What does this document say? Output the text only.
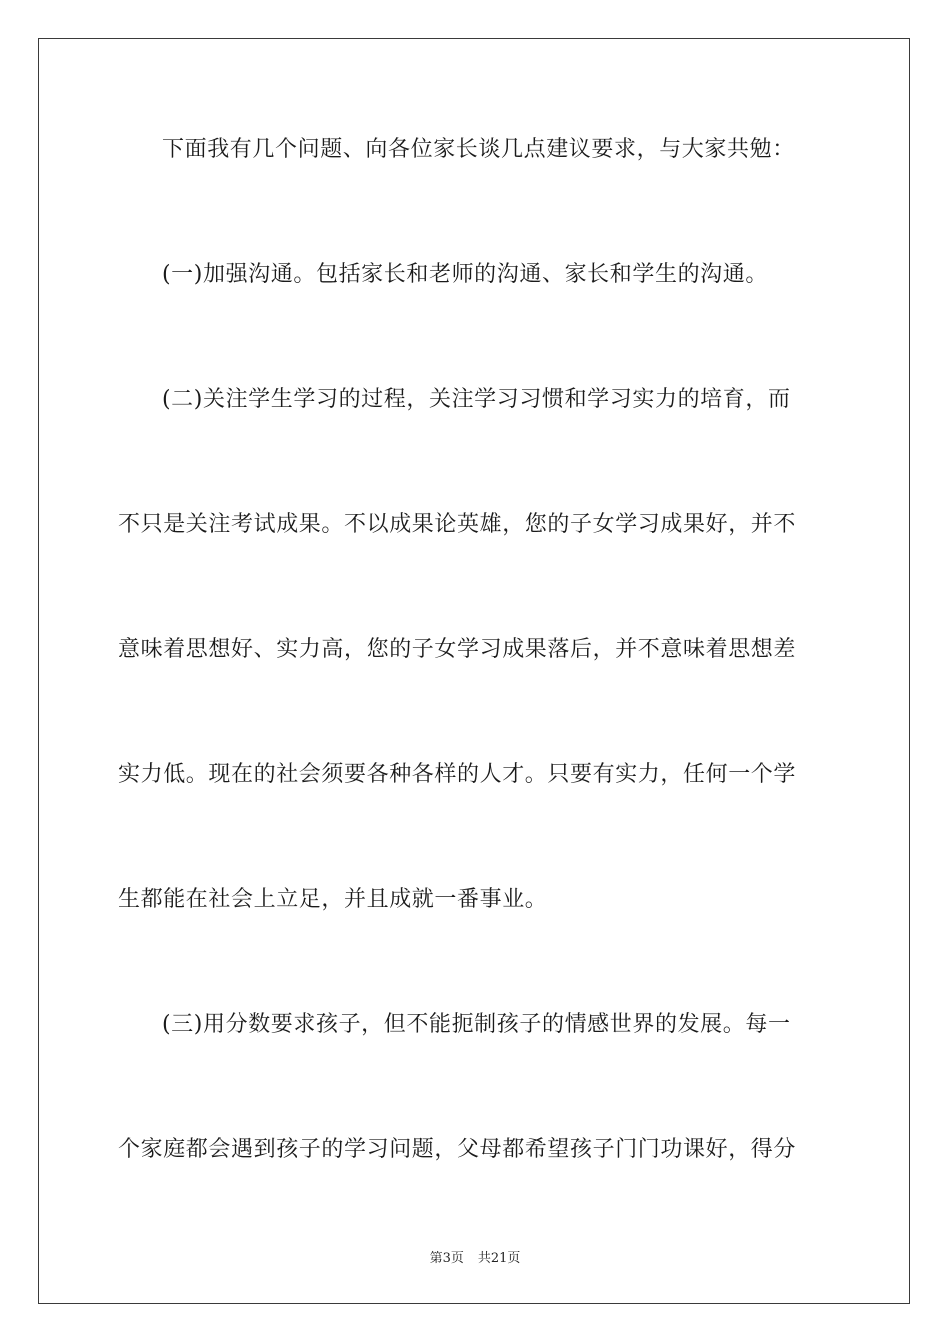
下面我有几个问题、向各位家长谈几点建议要求，与大家共勉：
(一)加强沟通。包括家长和老师的沟通、家长和学生的沟通。
(二)关注学生学习的过程，关注学习习惯和学习实力的培育，而
不只是关注考试成果。不以成果论英雄，您的子女学习成果好，并不
意味着思想好、实力高，您的子女学习成果落后，并不意味着思想差
实力低。现在的社会须要各种各样的人才。只要有实力，任何一个学
生都能在社会上立足，并且成就一番事业。
(三)用分数要求孩子，但不能扼制孩子的情感世界的发展。每一
个家庭都会遇到孩子的学习问题，父母都希望孩子门门功课好，得分
第3页 共21页
